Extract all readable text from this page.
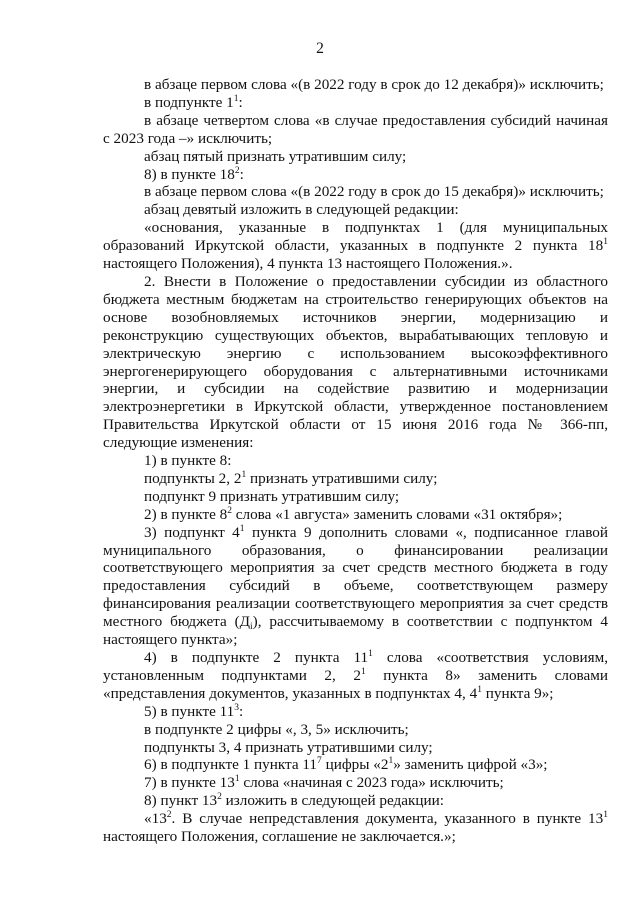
2

в абзаце первом слова «(в 2022 году в срок до 12 декабря)» исключить;

в подпункте $1^1$:

в абзаце четвертом слова «в случае предоставления субсидий начиная с 2023 года –» исключить;

абзац пятый признать утратившим силу;

8) в пункте $18^2$:

в абзаце первом слова «(в 2022 году в срок до 15 декабря)» исключить;

абзац девятый изложить в следующей редакции:

«основания, указанные в подпунктах 1 (для муниципальных образований Иркутской области, указанных в подпункте 2 пункта $18^1$ настоящего Положения), 4 пункта 13 настоящего Положения.».

2. Внести в Положение о предоставлении субсидии из областного бюджета местным бюджетам на строительство генерирующих объектов на основе возобновляемых источников энергии, модернизацию и реконструкцию существующих объектов, вырабатывающих тепловую и электрическую энергию с использованием высокоэффективного энергогенерирующего оборудования с альтернативными источниками энергии, и субсидии на содействие развитию и модернизации электроэнергетики в Иркутской области, утвержденное постановлением Правительства Иркутской области от 15 июня 2016 года № 366-пп, следующие изменения:

1) в пункте 8:

подпункты 2, $2^1$ признать утратившими силу;

подпункт 9 признать утратившим силу;

2) в пункте $8^2$ слова «1 августа» заменить словами «31 октября»;

3) подпункт $4^1$ пункта 9 дополнить словами «, подписанное главой муниципального образования, о финансировании реализации соответствующего мероприятия за счет средств местного бюджета в году предоставления субсидий в объеме, соответствующем размеру финансирования реализации соответствующего мероприятия за счет средств местного бюджета $(Д_i)$, рассчитываемому в соответствии с подпунктом 4 настоящего пункта»;

4) в подпункте 2 пункта $11^1$ слова «соответствия условиям, установленным подпунктами 2, $2^1$ пункта 8» заменить словами «представления документов, указанных в подпунктах 4, $4^1$ пункта 9»;

5) в пункте $11^3$:

в подпункте 2 цифры «, 3, 5» исключить;

подпункты 3, 4 признать утратившими силу;

6) в подпункте 1 пункта $11^7$ цифры «$2^1$» заменить цифрой «3»;

7) в пункте $13^1$ слова «начиная с 2023 года» исключить;

8) пункт $13^2$ изложить в следующей редакции:

«$13^2$. В случае непредставления документа, указанного в пункте $13^1$ настоящего Положения, соглашение не заключается.»;
